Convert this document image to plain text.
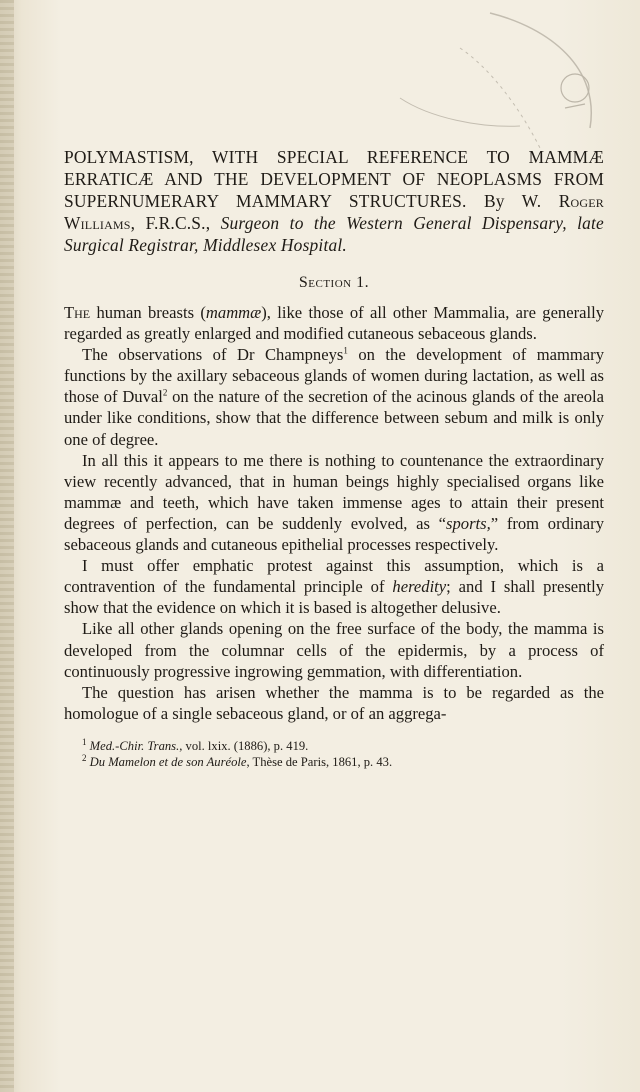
POLYMASTISM, WITH SPECIAL REFERENCE TO MAMMÆ ERRATICÆ AND THE DEVELOPMENT OF NEOPLASMS FROM SUPERNUMERARY MAMMARY STRUCTURES. By W. Roger Williams, F.R.C.S., Surgeon to the Western General Dispensary, late Surgical Registrar, Middlesex Hospital.

Section 1.

The human breasts (mammæ), like those of all other Mammalia, are generally regarded as greatly enlarged and modified cutaneous sebaceous glands.

The observations of Dr Champneys$^1$ on the development of mammary functions by the axillary sebaceous glands of women during lactation, as well as those of Duval$^2$ on the nature of the secretion of the acinous glands of the areola under like conditions, show that the difference between sebum and milk is only one of degree.

In all this it appears to me there is nothing to countenance the extraordinary view recently advanced, that in human beings highly specialised organs like mammæ and teeth, which have taken immense ages to attain their present degrees of perfection, can be suddenly evolved, as “sports,” from ordinary sebaceous glands and cutaneous epithelial processes respectively.

I must offer emphatic protest against this assumption, which is a contravention of the fundamental principle of heredity; and I shall presently show that the evidence on which it is based is altogether delusive.

Like all other glands opening on the free surface of the body, the mamma is developed from the columnar cells of the epidermis, by a process of continuously progressive ingrowing gemmation, with differentiation.

The question has arisen whether the mamma is to be regarded as the homologue of a single sebaceous gland, or of an aggrega-

$^1$ Med.-Chir. Trans., vol. lxix. (1886), p. 419.
$^2$ Du Mamelon et de son Auréole, Thèse de Paris, 1861, p. 43.
